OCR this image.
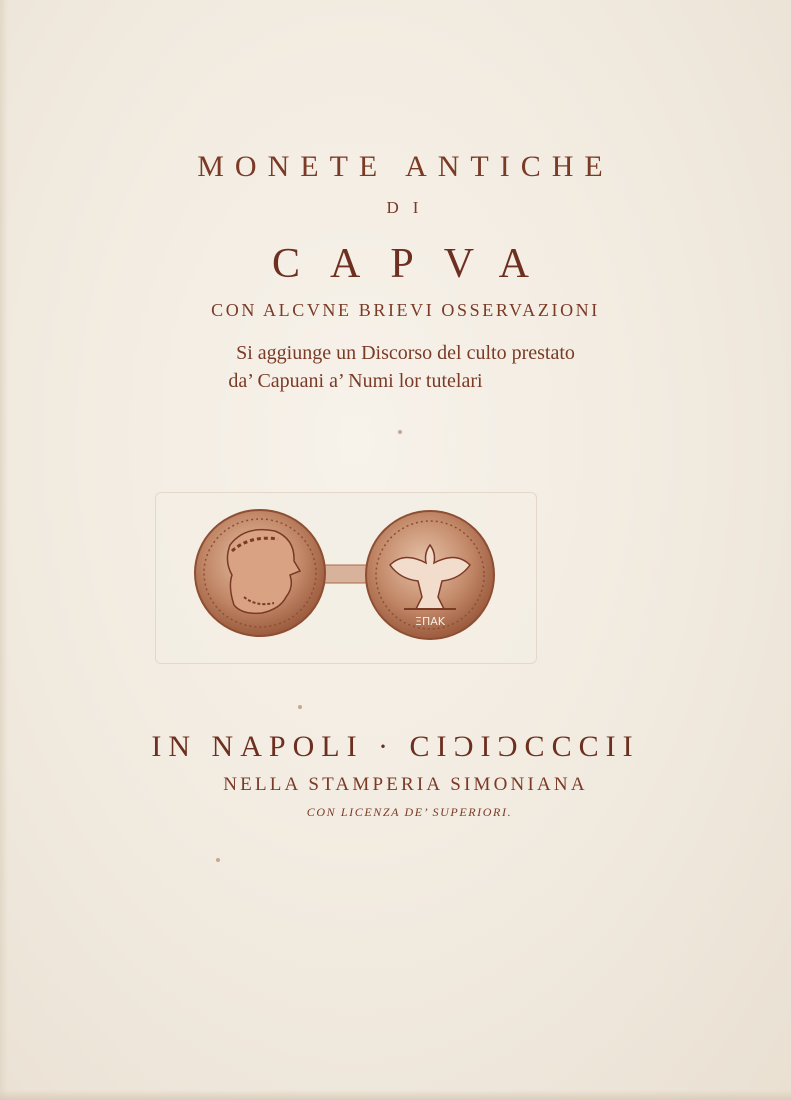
MONETE ANTICHE
DI
CAPVA
CON ALCVNE BRIEVI OSSERVAZIONI
Si aggiunge un Discorso del culto prestato
da’ Capuani a’ Numi lor tutelari
ΞΠΑΚ
IN NAPOLI · CIƆIƆCCCII
NELLA STAMPERIA SIMONIANA
CON LICENZA DE’ SUPERIORI.
